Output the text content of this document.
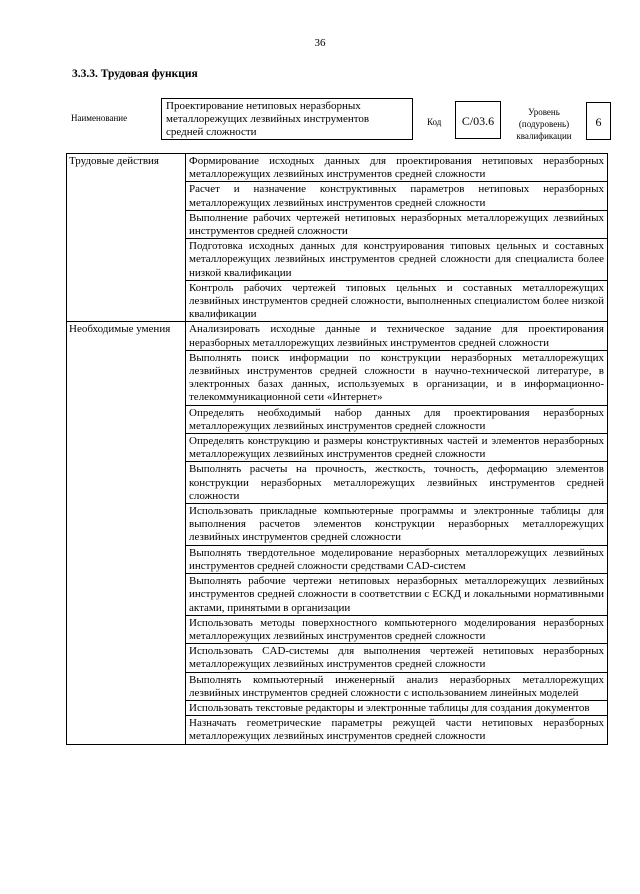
36
3.3.3. Трудовая функция
Наименование
Проектирование нетиповых неразборных металлорежущих лезвийных инструментов средней сложности
Код	C/03.6
Уровень (подуровень) квалификации
6
Трудовые действия	Формирование исходных данных для проектирования нетиповых неразборных металлорежущих лезвийных инструментов средней сложности
	Расчет и назначение конструктивных параметров нетиповых неразборных металлорежущих лезвийных инструментов средней сложности
	Выполнение рабочих чертежей нетиповых неразборных металлорежущих лезвийных инструментов средней сложности
	Подготовка исходных данных для конструирования типовых цельных и составных металлорежущих лезвийных инструментов средней сложности для специалиста более низкой квалификации
	Контроль рабочих чертежей типовых цельных и составных металлорежущих лезвийных инструментов средней сложности, выполненных специалистом более низкой квалификации
Необходимые умения	Анализировать исходные данные и техническое задание для проектирования неразборных металлорежущих лезвийных инструментов средней сложности
	Выполнять поиск информации по конструкции неразборных металлорежущих лезвийных инструментов средней сложности в научно-технической литературе, в электронных базах данных, используемых в организации, и в информационно-телекоммуникационной сети «Интернет»
	Определять необходимый набор данных для проектирования неразборных металлорежущих лезвийных инструментов средней сложности
	Определять конструкцию и размеры конструктивных частей и элементов неразборных металлорежущих лезвийных инструментов средней сложности
	Выполнять расчеты на прочность, жесткость, точность, деформацию элементов конструкции неразборных металлорежущих лезвийных инструментов средней сложности
	Использовать прикладные компьютерные программы и электронные таблицы для выполнения расчетов элементов конструкции неразборных металлорежущих лезвийных инструментов средней сложности
	Выполнять твердотельное моделирование неразборных металлорежущих лезвийных инструментов средней сложности средствами CAD-систем
	Выполнять рабочие чертежи нетиповых неразборных металлорежущих лезвийных инструментов средней сложности в соответствии с ЕСКД и локальными нормативными актами, принятыми в организации
	Использовать методы поверхностного компьютерного моделирования неразборных металлорежущих лезвийных инструментов средней сложности
	Использовать CAD-системы для выполнения чертежей нетиповых неразборных металлорежущих лезвийных инструментов средней сложности
	Выполнять компьютерный инженерный анализ неразборных металлорежущих лезвийных инструментов средней сложности с использованием линейных моделей
	Использовать текстовые редакторы и электронные таблицы для создания документов
	Назначать геометрические параметры режущей части нетиповых неразборных металлорежущих лезвийных инструментов средней сложности
